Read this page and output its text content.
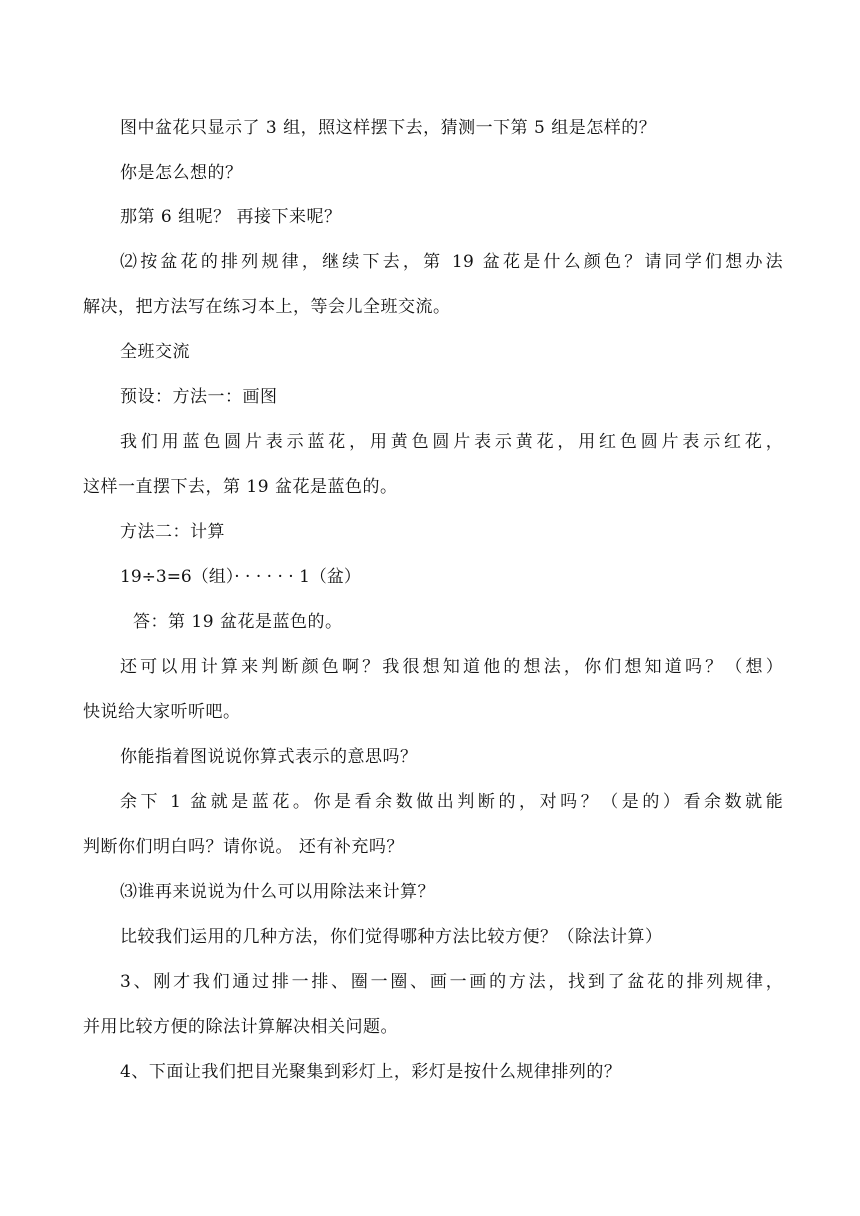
图中盆花只显示了 3 组，照这样摆下去，猜测一下第 5 组是怎样的？
你是怎么想的？
那第 6 组呢？ 再接下来呢？
⑵按盆花的排列规律，继续下去，第 19 盆花是什么颜色？请同学们想办法
解决，把方法写在练习本上，等会儿全班交流。
全班交流
预设：方法一：画图
我们用蓝色圆片表示蓝花，用黄色圆片表示黄花，用红色圆片表示红花，
这样一直摆下去，第 19 盆花是蓝色的。
方法二：计算
19÷3=6（组）· · · · · · 1（盆）
答：第 19 盆花是蓝色的。
还可以用计算来判断颜色啊？我很想知道他的想法，你们想知道吗？（想）
快说给大家听听吧。
你能指着图说说你算式表示的意思吗？
余下 1 盆就是蓝花。你是看余数做出判断的，对吗？（是的）看余数就能
判断你们明白吗？请你说。 还有补充吗？
⑶谁再来说说为什么可以用除法来计算？
比较我们运用的几种方法，你们觉得哪种方法比较方便？（除法计算）
3、刚才我们通过排一排、圈一圈、画一画的方法，找到了盆花的排列规律，
并用比较方便的除法计算解决相关问题。
4、下面让我们把目光聚集到彩灯上，彩灯是按什么规律排列的？
